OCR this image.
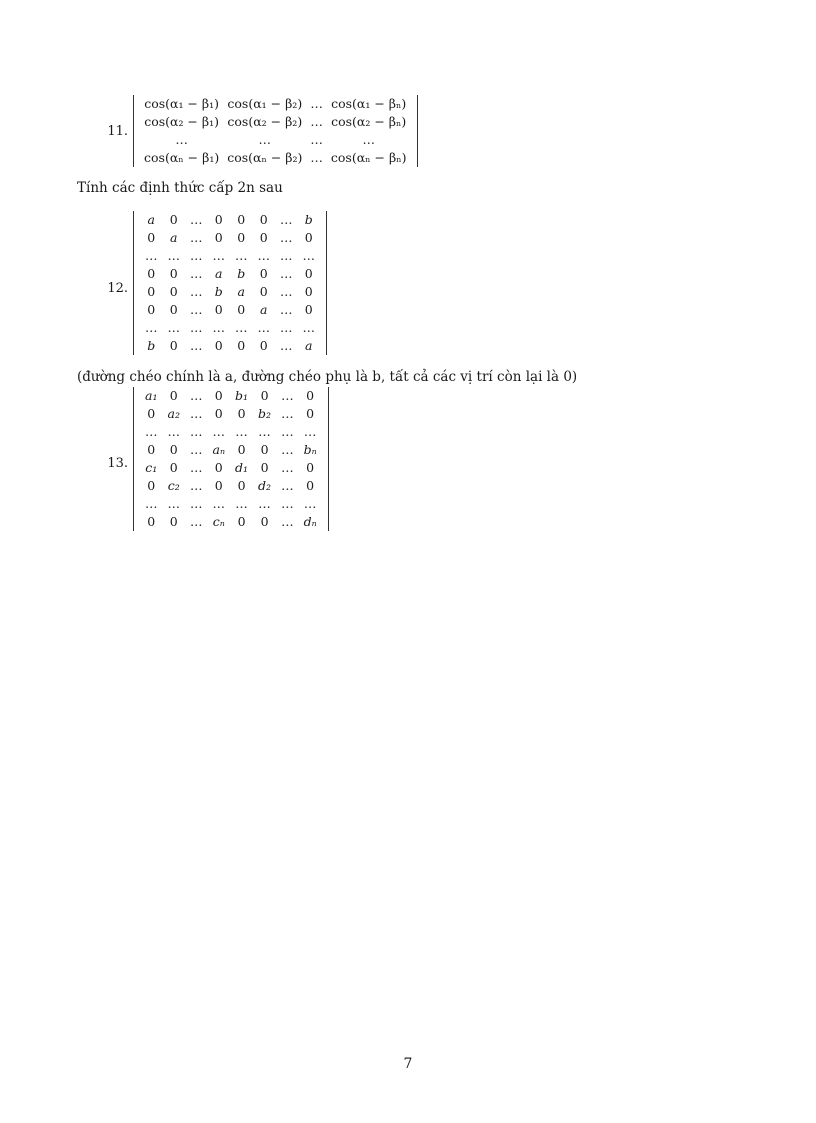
11.
cos(α₁ − β₁)	cos(α₁ − β₂)	…	cos(α₁ − βₙ)
cos(α₂ − β₁)	cos(α₂ − β₂)	…	cos(α₂ − βₙ)
…	…	…	…
cos(αₙ − β₁)	cos(αₙ − β₂)	…	cos(αₙ − βₙ)
Tính các định thức cấp 2n sau
12.
a	0	…	0	0	0	…	b
0	a	…	0	0	0	…	0
…	…	…	…	…	…	…	…
0	0	…	a	b	0	…	0
0	0	…	b	a	0	…	0
0	0	…	0	0	a	…	0
…	…	…	…	…	…	…	…
b	0	…	0	0	0	…	a
(đường chéo chính là a, đường chéo phụ là b, tất cả các vị trí còn lại là 0)
13.
a₁	0	…	0	b₁	0	…	0
0	a₂	…	0	0	b₂	…	0
…	…	…	…	…	…	…	…
0	0	…	aₙ	0	0	…	bₙ
c₁	0	…	0	d₁	0	…	0
0	c₂	…	0	0	d₂	…	0
…	…	…	…	…	…	…	…
0	0	…	cₙ	0	0	…	dₙ
7
